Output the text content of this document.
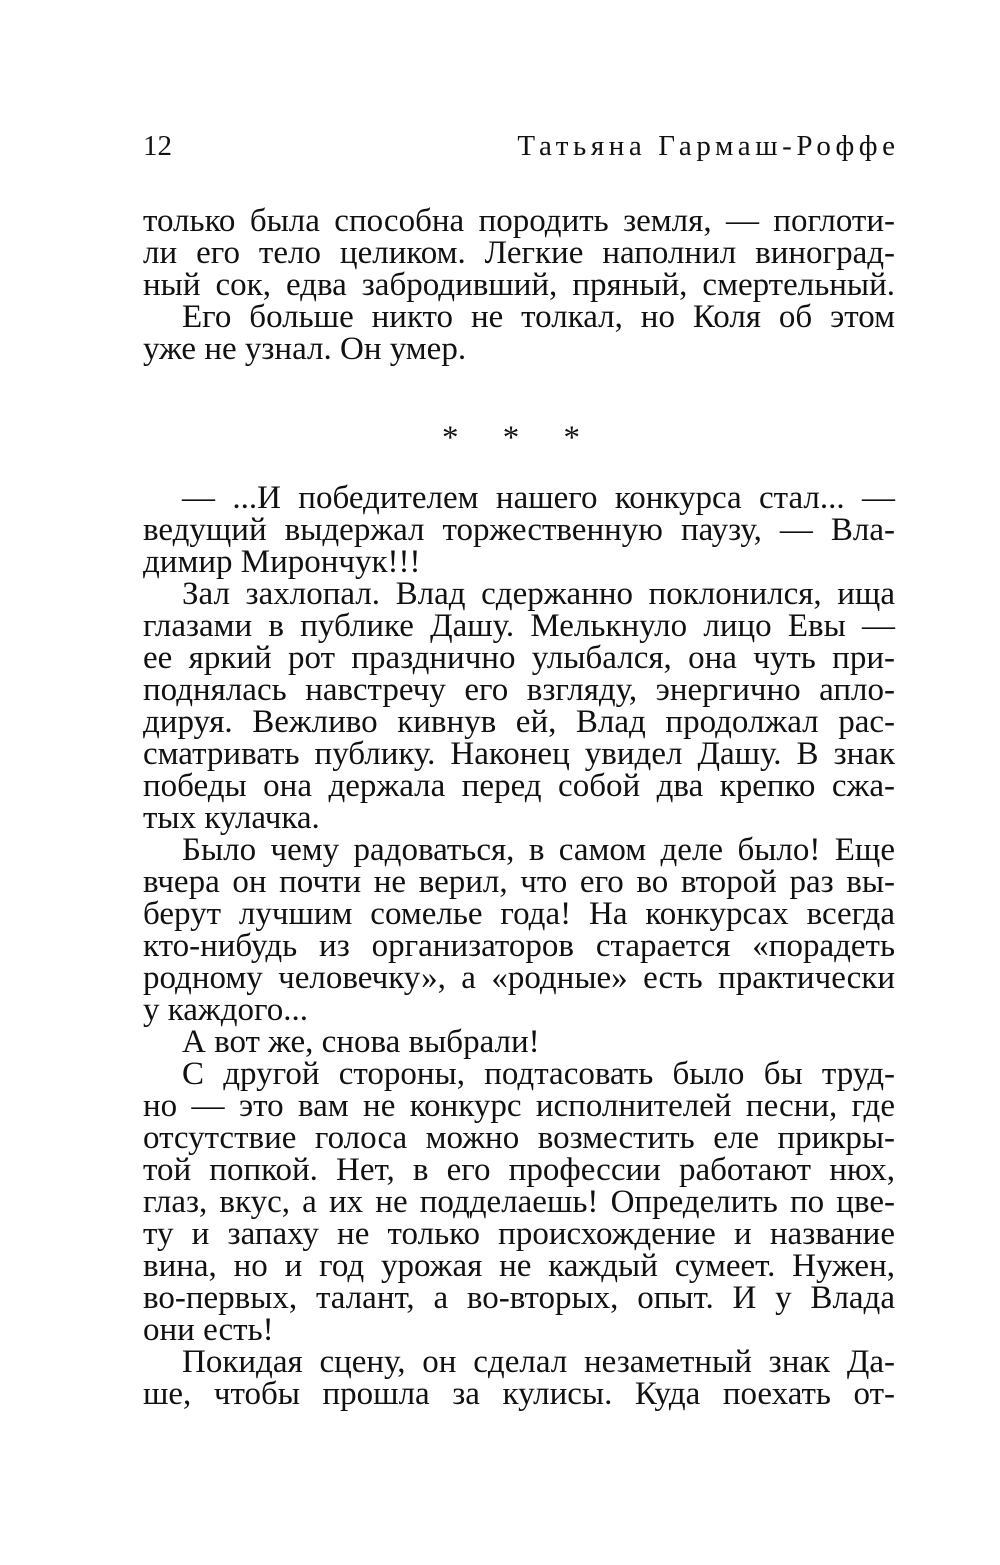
12	Татьяна Гармаш-Роффе
только была способна породить земля, — поглоти-
ли его тело целиком. Легкие наполнил виноград-
ный сок, едва забродивший, пряный, смертельный.
Его больше никто не толкал, но Коля об этом
уже не узнал. Он умер.
* * *
— ...И победителем нашего конкурса стал... —
ведущий выдержал торжественную паузу, — Вла-
димир Мирончук!!!
Зал захлопал. Влад сдержанно поклонился, ища
глазами в публике Дашу. Мелькнуло лицо Евы —
ее яркий рот празднично улыбался, она чуть при-
поднялась навстречу его взгляду, энергично апло-
дируя. Вежливо кивнув ей, Влад продолжал рас-
сматривать публику. Наконец увидел Дашу. В знак
победы она держала перед собой два крепко сжа-
тых кулачка.
Было чему радоваться, в самом деле было! Еще
вчера он почти не верил, что его во второй раз вы-
берут лучшим сомелье года! На конкурсах всегда
кто-нибудь из организаторов старается «порадеть
родному человечку», а «родные» есть практически
у каждого...
А вот же, снова выбрали!
С другой стороны, подтасовать было бы труд-
но — это вам не конкурс исполнителей песни, где
отсутствие голоса можно возместить еле прикры-
той попкой. Нет, в его профессии работают нюх,
глаз, вкус, а их не подделаешь! Определить по цве-
ту и запаху не только происхождение и название
вина, но и год урожая не каждый сумеет. Нужен,
во-первых, талант, а во-вторых, опыт. И у Влада
они есть!
Покидая сцену, он сделал незаметный знак Да-
ше, чтобы прошла за кулисы. Куда поехать от-
